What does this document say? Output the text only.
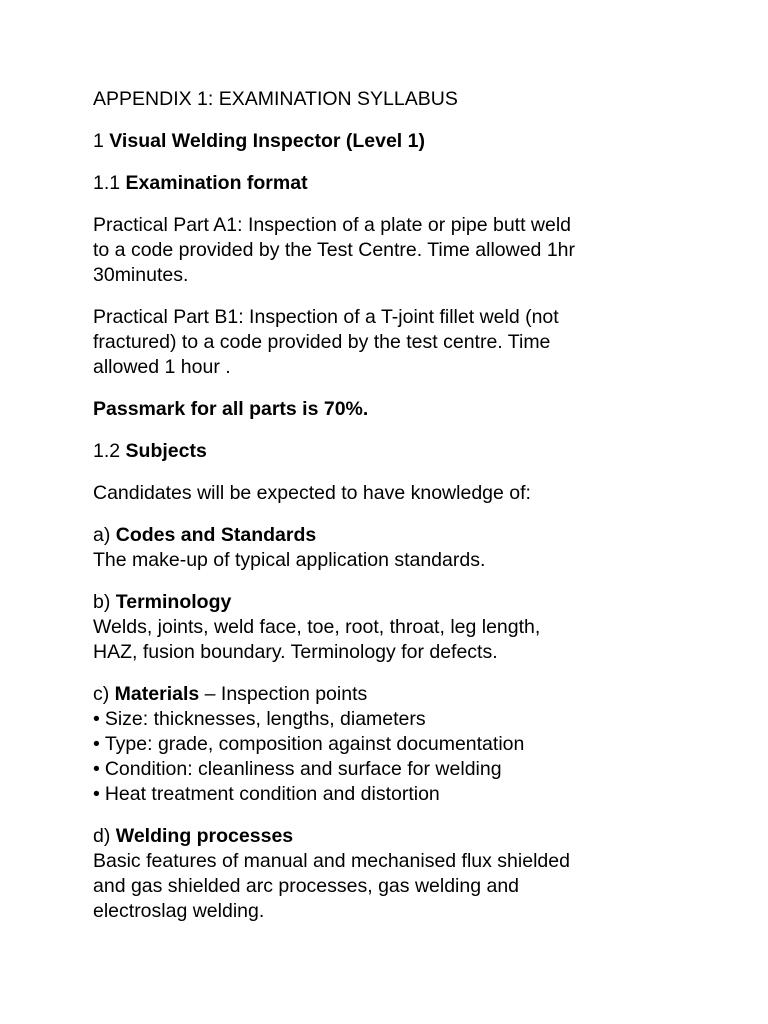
APPENDIX 1: EXAMINATION SYLLABUS
1 Visual Welding Inspector (Level 1)
1.1 Examination format
Practical Part A1: Inspection of a plate or pipe butt weld
to a code provided by the Test Centre. Time allowed 1hr
30minutes.
Practical Part B1: Inspection of a T-joint fillet weld (not
fractured) to a code provided by the test centre. Time
allowed 1 hour .
Passmark for all parts is 70%.
1.2 Subjects
Candidates will be expected to have knowledge of:
a) Codes and Standards
The make-up of typical application standards.
b) Terminology
Welds, joints, weld face, toe, root, throat, leg length,
HAZ, fusion boundary. Terminology for defects.
c) Materials – Inspection points
• Size: thicknesses, lengths, diameters
• Type: grade, composition against documentation
• Condition: cleanliness and surface for welding
• Heat treatment condition and distortion
d) Welding processes
Basic features of manual and mechanised flux shielded
and gas shielded arc processes, gas welding and
electroslag welding.
